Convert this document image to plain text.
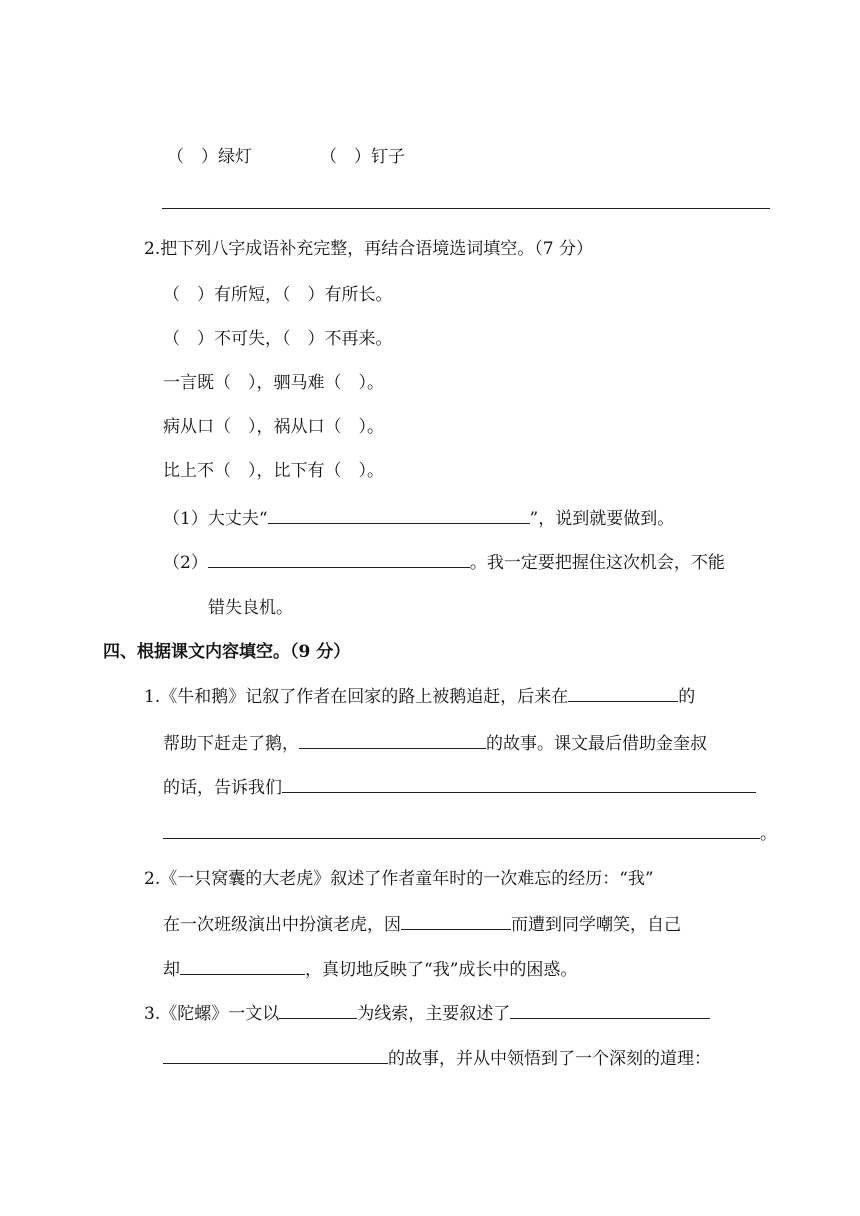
（　）绿灯	（　）钉子
2.把下列八字成语补充完整，再结合语境选词填空。（7 分）
（　）有所短，（　）有所长。
（　）不可失，（　）不再来。
一言既（　），驷马难（　）。
病从口（　），祸从口（　）。
比上不（　），比下有（　）。
（1）大丈夫“	”，说到就要做到。
（2）	。我一定要把握住这次机会，不能
错失良机。
四、根据课文内容填空。（9 分）
1.《牛和鹅》记叙了作者在回家的路上被鹅追赶，后来在	的
帮助下赶走了鹅，	的故事。课文最后借助金奎叔
的话，告诉我们
。
2.《一只窝囊的大老虎》叙述了作者童年时的一次难忘的经历：“我”
在一次班级演出中扮演老虎，因	而遭到同学嘲笑，自己
却	，真切地反映了“我”成长中的困惑。
3.《陀螺》一文以	为线索，主要叙述了
的故事，并从中领悟到了一个深刻的道理：
